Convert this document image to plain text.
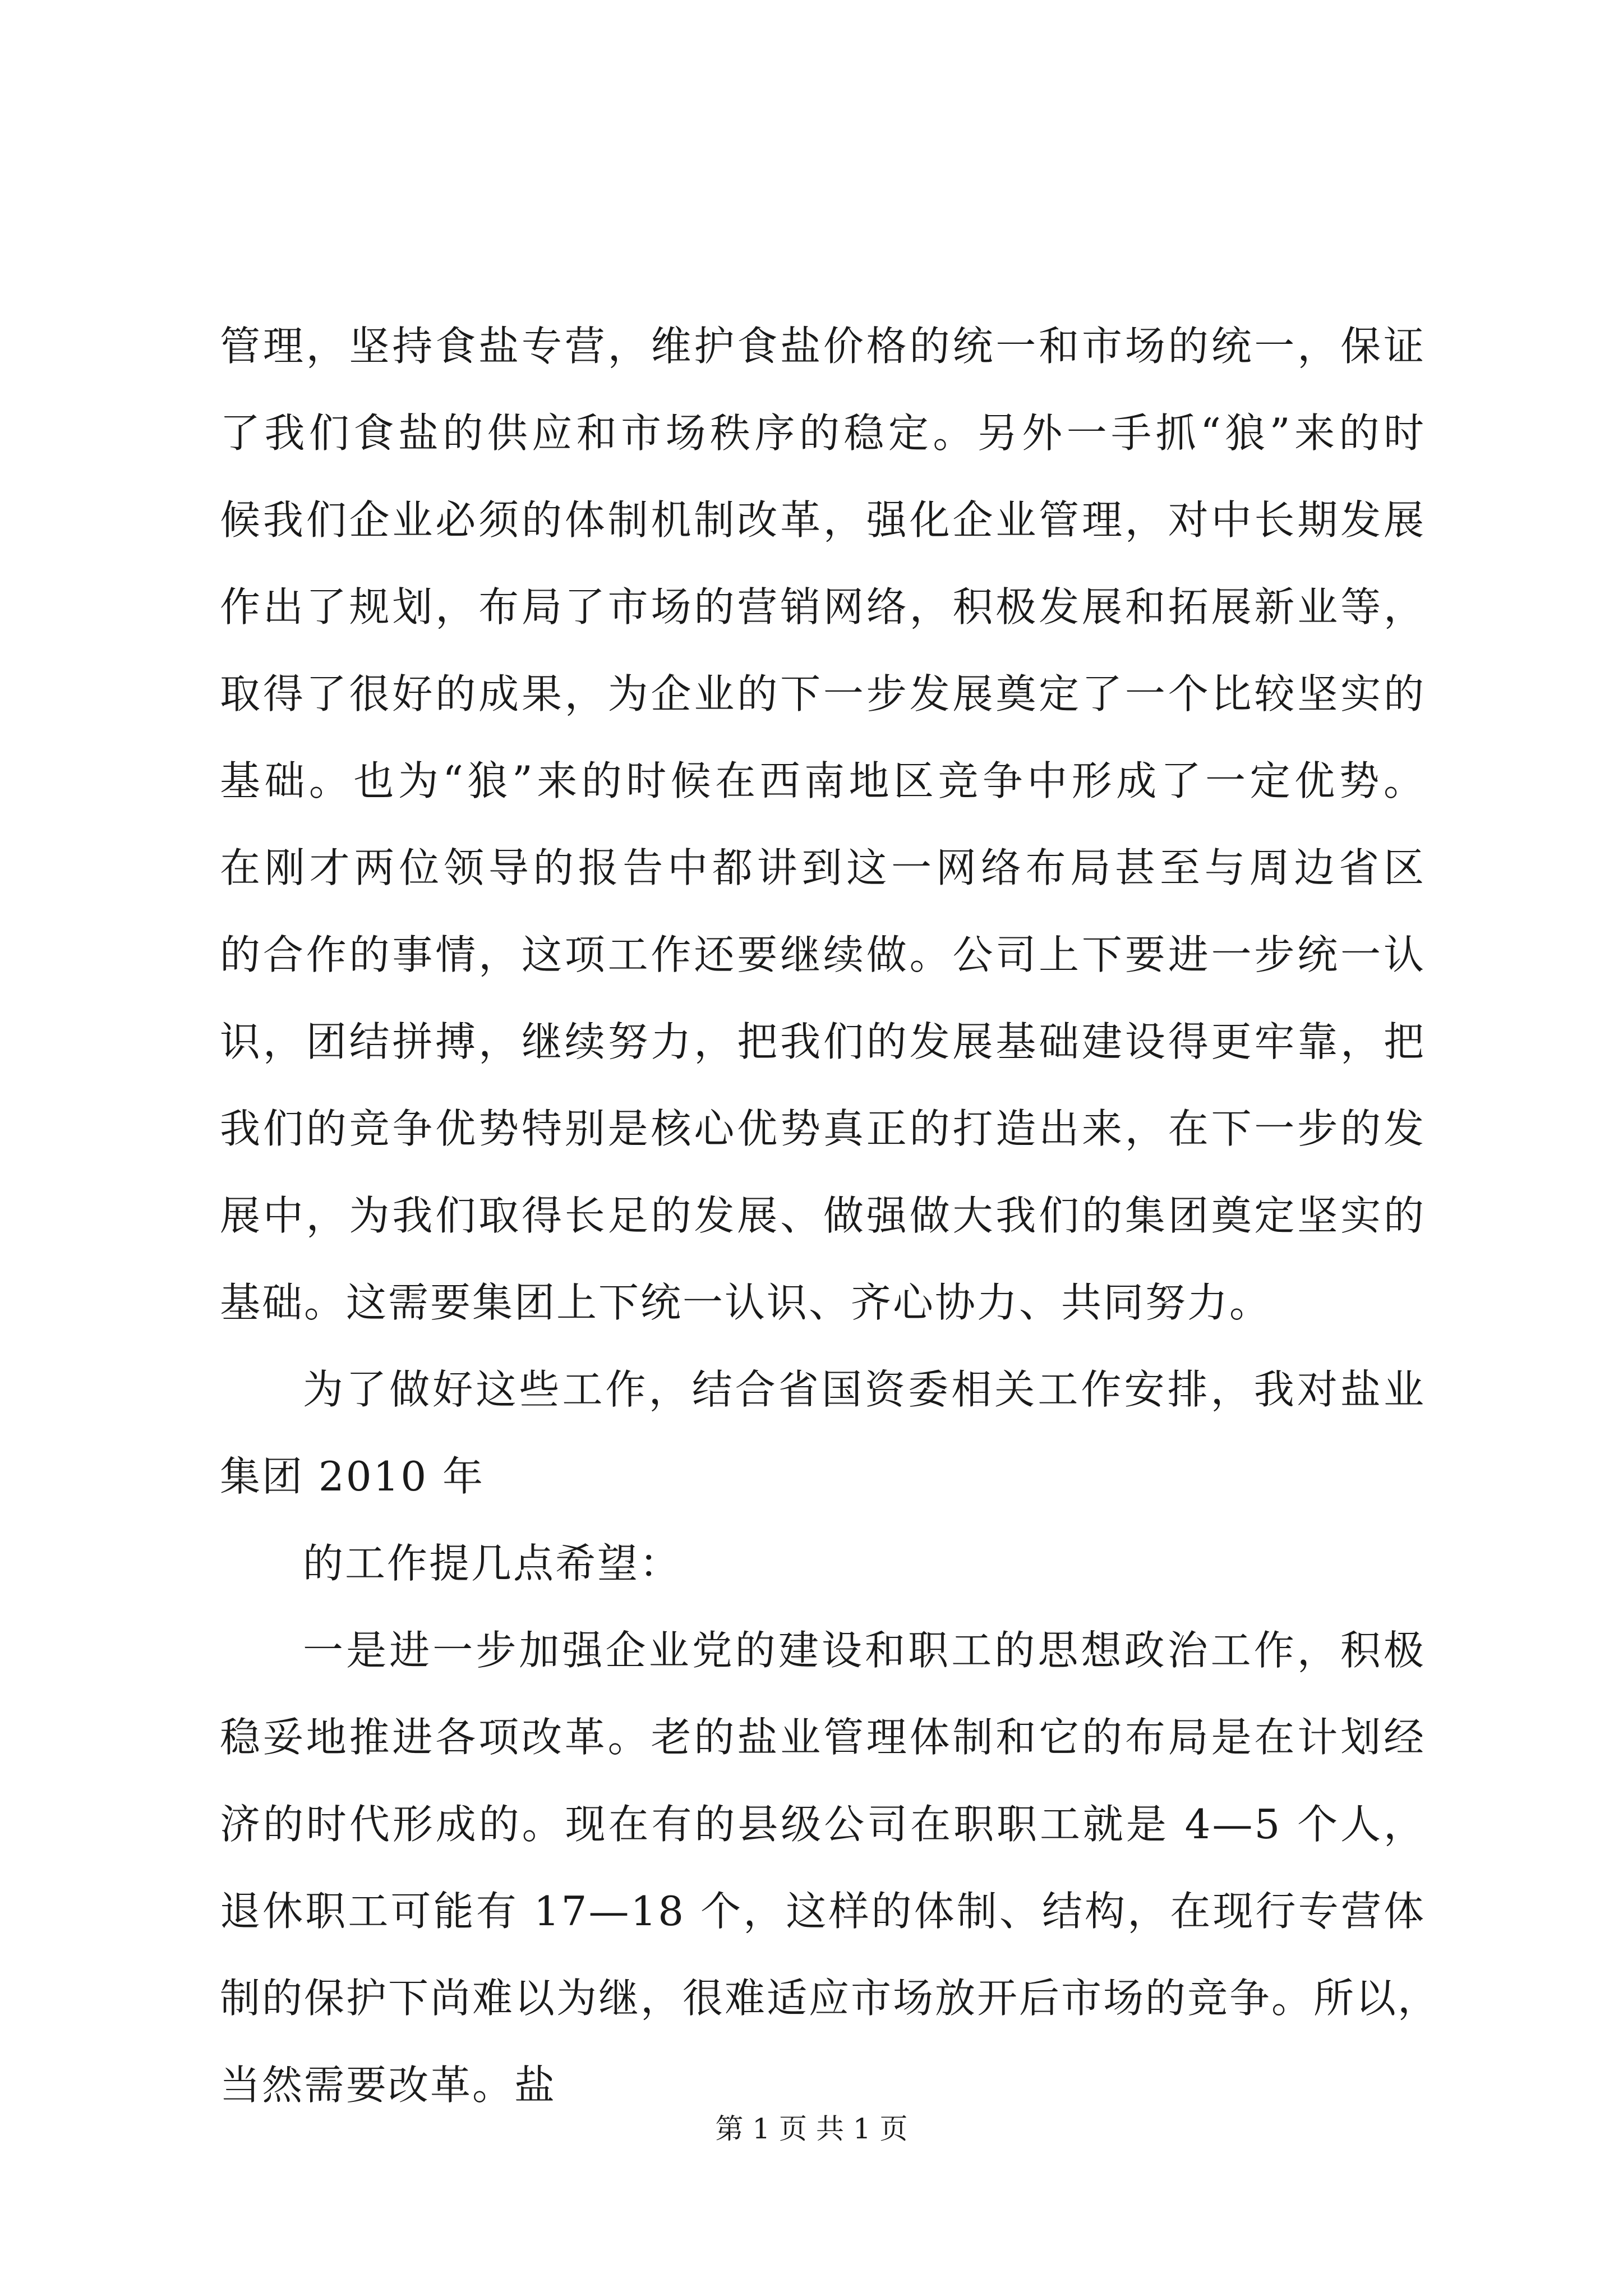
管理，坚持食盐专营，维护食盐价格的统一和市场的统一，保证
了我们食盐的供应和市场秩序的稳定。另外一手抓“狼”来的时
候我们企业必须的体制机制改革，强化企业管理，对中长期发展
作出了规划，布局了市场的营销网络，积极发展和拓展新业等，
取得了很好的成果，为企业的下一步发展奠定了一个比较坚实的
基础。也为“狼”来的时候在西南地区竞争中形成了一定优势。
在刚才两位领导的报告中都讲到这一网络布局甚至与周边省区
的合作的事情，这项工作还要继续做。公司上下要进一步统一认
识，团结拼搏，继续努力，把我们的发展基础建设得更牢靠，把
我们的竞争优势特别是核心优势真正的打造出来，在下一步的发
展中，为我们取得长足的发展、做强做大我们的集团奠定坚实的
基础。这需要集团上下统一认识、齐心协力、共同努力。
为了做好这些工作，结合省国资委相关工作安排，我对盐业
集团 2010 年
的工作提几点希望：
一是进一步加强企业党的建设和职工的思想政治工作，积极
稳妥地推进各项改革。老的盐业管理体制和它的布局是在计划经
济的时代形成的。现在有的县级公司在职职工就是 4—5 个人，
退休职工可能有 17—18 个，这样的体制、结构，在现行专营体
制的保护下尚难以为继，很难适应市场放开后市场的竞争。所以，
当然需要改革。盐
第 1 页 共 1 页
